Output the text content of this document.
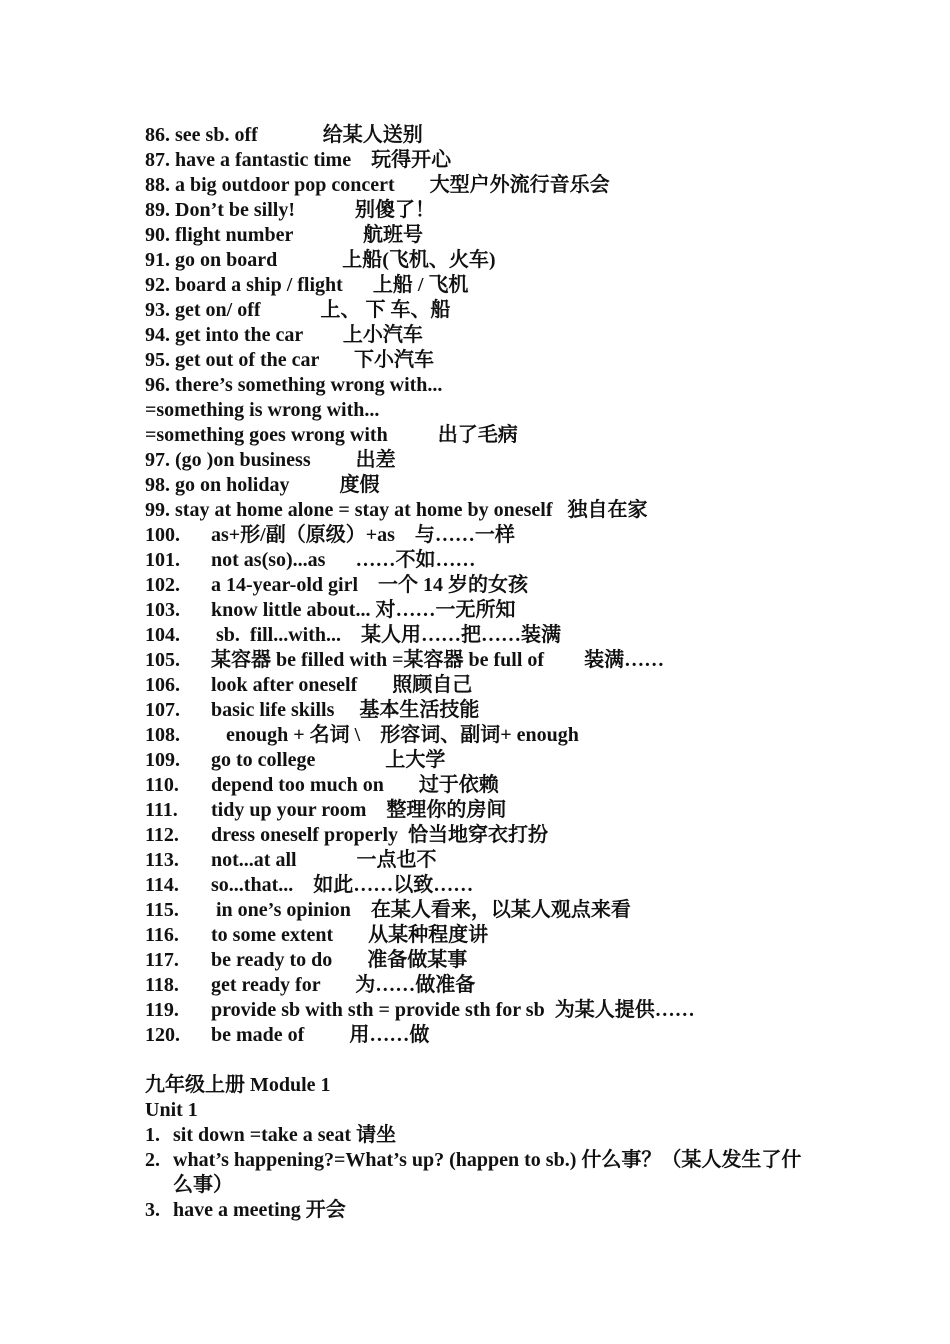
86. see sb. off             给某人送别
87. have a fantastic time    玩得开心
88. a big outdoor pop concert       大型户外流行音乐会
89. Don’t be silly!            别傻了！
90. flight number              航班号
91. go on board             上船(飞机、火车)
92. board a ship / flight      上船 / 飞机
93. get on/ off            上、 下 车、船
94. get into the car        上小汽车
95. get out of the car       下小汽车
96. there’s something wrong with...
=something is wrong with...
=something goes wrong with          出了毛病
97. (go )on business         出差
98. go on holiday          度假
99. stay at home alone = stay at home by oneself   独自在家
100. as+形/副（原级）+as    与……一样
101. not as(so)...as      ……不如……
102. a 14-year-old girl    一个 14 岁的女孩
103. know little about... 对……一无所知
104. sb.  fill...with...    某人用……把……装满
105. 某容器 be filled with =某容器 be full of        装满……
106. look after oneself       照顾自己
107. basic life skills     基本生活技能
108. enough + 名词 \    形容词、副词+ enough
109. go to college              上大学
110. depend too much on       过于依赖
111. tidy up your room    整理你的房间
112. dress oneself properly  恰当地穿衣打扮
113. not...at all            一点也不
114. so...that...    如此……以致……
115. in one’s opinion    在某人看来，以某人观点来看
116. to some extent       从某种程度讲
117. be ready to do       准备做某事
118. get ready for       为……做准备
119. provide sb with sth = provide sth for sb  为某人提供……
120. be made of         用……做
九年级上册 Module 1
Unit 1
1. sit down =take a seat 请坐
2. what’s happening?=What’s up? (happen to sb.) 什么事？（某人发生了什么事）
3. have a meeting 开会
